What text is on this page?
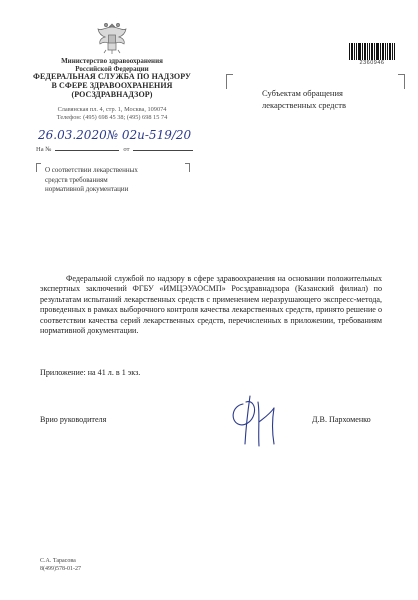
Министерство здравоохранения
Российской Федерации
ФЕДЕРАЛЬНАЯ СЛУЖБА ПО НАДЗОРУ
В СФЕРЕ ЗДРАВООХРАНЕНИЯ
(РОСЗДРАВНАДЗОР)
Славянская пл. 4, стр. 1, Москва, 109074
Телефон: (495) 698 45 38; (495) 698 15 74
26.03.2020№ 02и-519/20
На №	от
О соответствии лекарственных
средств требованиям
нормативной документации
2360946
Субъектам обращения
лекарственных средств
Федеральной службой по надзору в сфере здравоохранения на основании положительных экспертных заключений ФГБУ «ИМЦЭУАОСМП» Росздравнадзора (Казанский филиал) по результатам испытаний лекарственных средств с применением неразрушающего экспресс-метода, проведенных в рамках выборочного контроля качества лекарственных средств, принято решение о соответствии качества серий лекарственных средств, перечисленных в приложении, требованиям нормативной документации.
Приложение: на 41 л. в 1 экз.
Врио руководителя	Д.В. Пархоменко
С.А. Тарасова
8(499)578-01-27
